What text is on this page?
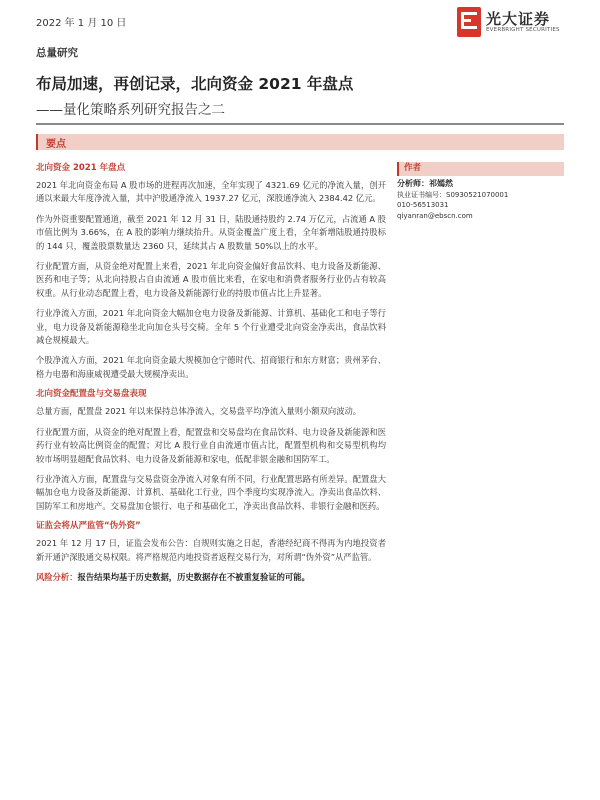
2022 年 1 月 10 日	光大证券
EVERBRIGHT SECURITIES
总量研究
布局加速，再创记录，北向资金 2021 年盘点
——量化策略系列研究报告之二
要点
北向资金 2021 年盘点

2021 年北向资金布局 A 股市场的进程再次加速，全年实现了 4321.69 亿元的净流入量，创开通以来最大年度净流入量，其中沪股通净流入 1937.27 亿元，深股通净流入 2384.42 亿元。

作为外资重要配置通道，截至 2021 年 12 月 31 日，陆股通持股约 2.74 万亿元，占流通 A 股市值比例为 3.66%，在 A 股的影响力继续抬升。从资金覆盖广度上看，全年新增陆股通持股标的 144 只，覆盖股票数量达 2360 只，延续其占 A 股数量 50%以上的水平。

行业配置方面，从资金绝对配置上来看，2021 年北向资金偏好食品饮料、电力设备及新能源、医药和电子等；从北向持股占自由流通 A 股市值比来看，在家电和消费者服务行业仍占有较高权重。从行业动态配置上看，电力设备及新能源行业的持股市值占比上升显著。

行业净流入方面，2021 年北向资金大幅加仓电力设备及新能源、计算机、基础化工和电子等行业，电力设备及新能源稳坐北向加仓头号交椅。全年 5 个行业遭受北向资金净卖出，食品饮料减仓规模最大。

个股净流入方面，2021 年北向资金最大规模加仓宁德时代、招商银行和东方财富；贵州茅台、格力电器和海康威视遭受最大规模净卖出。

北向资金配置盘与交易盘表现

总量方面，配置盘 2021 年以来保持总体净流入，交易盘平均净流入量则小额双向波动。

行业配置方面，从资金的绝对配置上看，配置盘和交易盘均在食品饮料、电力设备及新能源和医药行业有较高比例资金的配置；对比 A 股行业自由流通市值占比，配置型机构和交易型机构均较市场明显超配食品饮料、电力设备及新能源和家电，低配非银金融和国防军工。

行业净流入方面，配置盘与交易盘资金净流入对象有所不同，行业配置思路有所差异。配置盘大幅加仓电力设备及新能源、计算机、基础化工行业，四个季度均实现净流入。净卖出食品饮料、国防军工和房地产。交易盘加仓银行、电子和基础化工，净卖出食品饮料、非银行金融和医药。

证监会将从严监管“伪外资”

2021 年 12 月 17 日，证监会发布公告：自规则实施之日起，香港经纪商不得再为内地投资者新开通沪深股通交易权限。将严格规范内地投资者返程交易行为，对所谓“伪外资”从严监管。

风险分析：报告结果均基于历史数据，历史数据存在不被重复验证的可能。

作者
分析师：祁嫣然
执业证书编号：S0930521070001
010-56513031
qiyanran@ebscn.com
